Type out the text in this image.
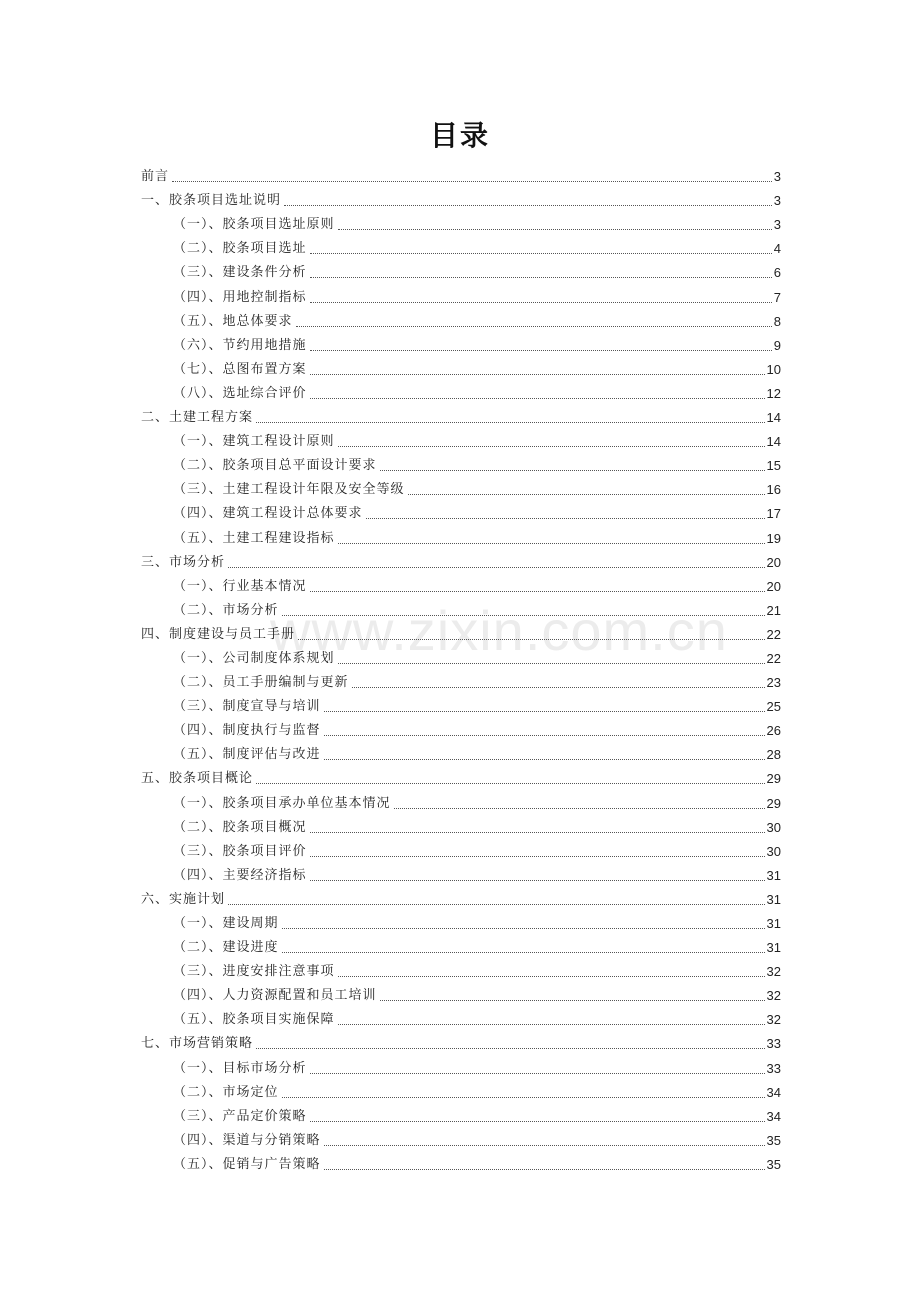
目录
www.zixin.com.cn
前言	3
一、胶条项目选址说明	3
（一）、胶条项目选址原则	3
（二）、胶条项目选址	4
（三）、建设条件分析	6
（四）、用地控制指标	7
（五）、地总体要求	8
（六）、节约用地措施	9
（七）、总图布置方案	10
（八）、选址综合评价	12
二、土建工程方案	14
（一）、建筑工程设计原则	14
（二）、胶条项目总平面设计要求	15
（三）、土建工程设计年限及安全等级	16
（四）、建筑工程设计总体要求	17
（五）、土建工程建设指标	19
三、市场分析	20
（一）、行业基本情况	20
（二）、市场分析	21
四、制度建设与员工手册	22
（一）、公司制度体系规划	22
（二）、员工手册编制与更新	23
（三）、制度宣导与培训	25
（四）、制度执行与监督	26
（五）、制度评估与改进	28
五、胶条项目概论	29
（一）、胶条项目承办单位基本情况	29
（二）、胶条项目概况	30
（三）、胶条项目评价	30
（四）、主要经济指标	31
六、实施计划	31
（一）、建设周期	31
（二）、建设进度	31
（三）、进度安排注意事项	32
（四）、人力资源配置和员工培训	32
（五）、胶条项目实施保障	32
七、市场营销策略	33
（一）、目标市场分析	33
（二）、市场定位	34
（三）、产品定价策略	34
（四）、渠道与分销策略	35
（五）、促销与广告策略	35
